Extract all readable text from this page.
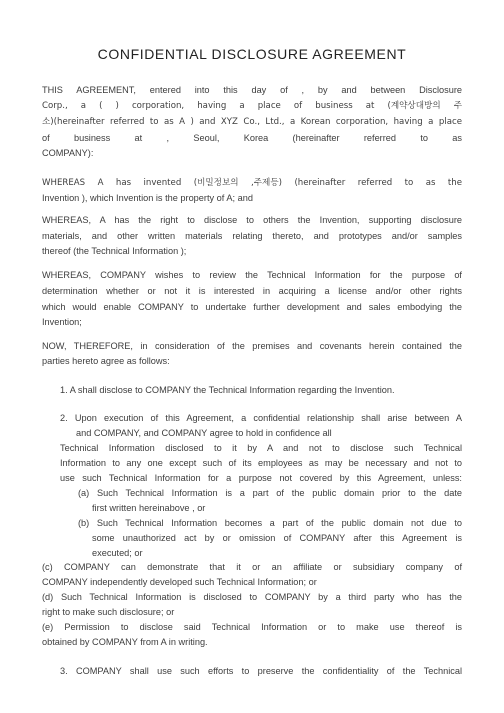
CONFIDENTIAL DISCLOSURE AGREEMENT
THIS AGREEMENT, entered into this day of , by and between Disclosure
Corp., a ( ) corporation, having a place of business at (계약상대방의 주
소)(hereinafter referred to as A ) and XYZ Co., Ltd., a Korean corporation, having a place
of business at , Seoul, Korea (hereinafter referred to as
COMPANY):
WHEREAS A has invented (비밀정보의 ,주제등) (hereinafter referred to as the
Invention ), which Invention is the property of A; and
WHEREAS, A has the right to disclose to others the Invention, supporting disclosure
materials, and other written materials relating thereto, and prototypes and/or samples
thereof (the Technical Information );
WHEREAS, COMPANY wishes to review the Technical Information for the purpose of
determination whether or not it is interested in acquiring a license and/or other rights
which would enable COMPANY to undertake further development and sales embodying the
Invention;
NOW, THEREFORE, in consideration of the premises and covenants herein contained the
parties hereto agree as follows:
1. A shall disclose to COMPANY the Technical Information regarding the Invention.
2. Upon execution of this Agreement, a confidential relationship shall arise between A
and COMPANY, and COMPANY agree to hold in confidence all
Technical Information disclosed to it by A and not to disclose such Technical
Information to any one except such of its employees as may be necessary and not to
use such Technical Information for a purpose not covered by this Agreement, unless:
(a) Such Technical Information is a part of the public domain prior to the date
first written hereinabove , or
(b) Such Technical Information becomes a part of the public domain not due to
some unauthorized act by or omission of COMPANY after this Agreement is
executed; or
(c) COMPANY can demonstrate that it or an affiliate or subsidiary company of
COMPANY independently developed such Technical Information; or
(d) Such Technical Information is disclosed to COMPANY by a third party who has the
right to make such disclosure; or
(e) Permission to disclose said Technical Information or to make use thereof is
obtained by COMPANY from A in writing.
3. COMPANY shall use such efforts to preserve the confidentiality of the Technical
